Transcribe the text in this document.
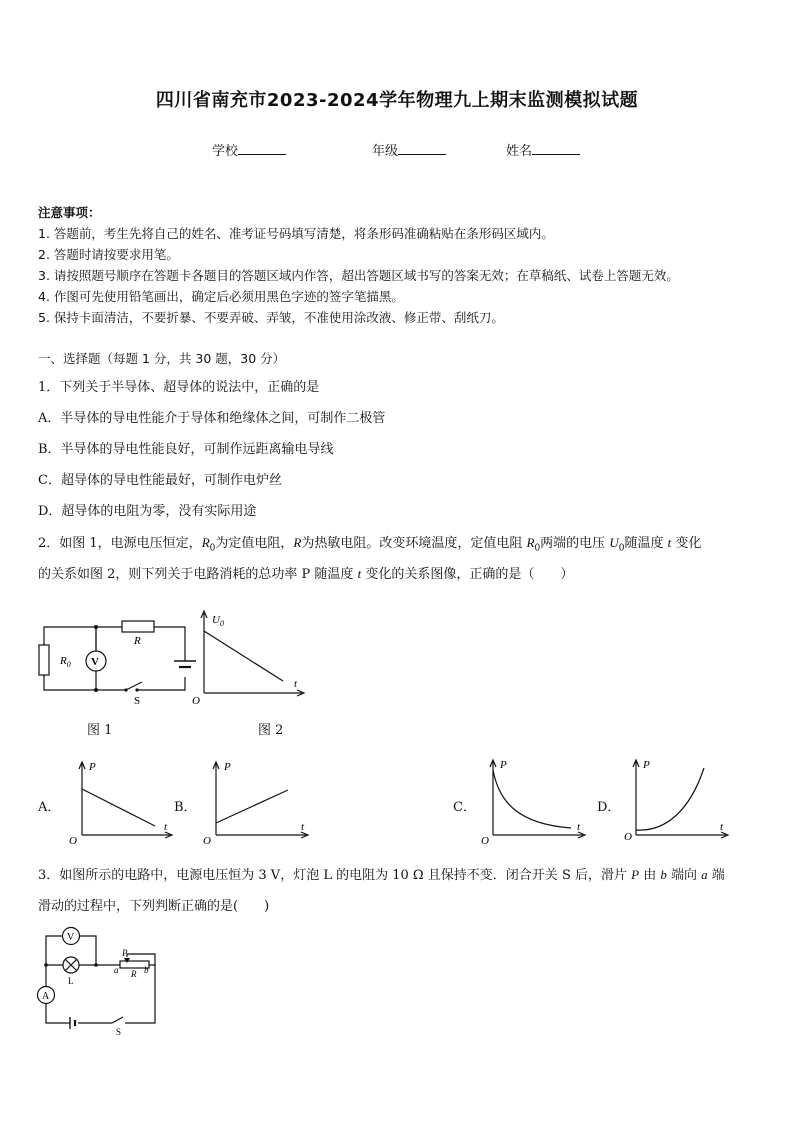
四川省南充市2023-2024学年物理九上期末监测模拟试题
学校	年级	姓名
注意事项：
1. 答题前，考生先将自己的姓名、准考证号码填写清楚，将条形码准确粘贴在条形码区域内。
2. 答题时请按要求用笔。
3. 请按照题号顺序在答题卡各题目的答题区域内作答，超出答题区域书写的答案无效；在草稿纸、试卷上答题无效。
4. 作图可先使用铅笔画出，确定后必须用黑色字迹的签字笔描黑。
5. 保持卡面清洁，不要折暴、不要弄破、弄皱，不准使用涂改液、修正带、刮纸刀。
一、选择题（每题 1 分，共 30 题，30 分）
1．下列关于半导体、超导体的说法中，正确的是
A．半导体的导电性能介于导体和绝缘体之间，可制作二极管
B．半导体的导电性能良好，可制作远距离输电导线
C．超导体的导电性能最好，可制作电炉丝
D．超导体的电阻为零，没有实际用途
2．如图 1，电源电压恒定，$R_0$为定值电阻，R为热敏电阻。改变环境温度，定值电阻 $R_0$两端的电压 $U_0$随温度 t 变化
的关系如图 2，则下列关于电路消耗的总功率 P 随温度 t 变化的关系图像，正确的是（　　）
$R_0$
R
V
S
$U_0$
t
O
图 1	图 2
A．
P
t
O
B．
P
t
O
C．
P
t
O
D．
P
t
O
3．如图所示的电路中，电源电压恒为 3 V，灯泡 L 的电阻为 10 Ω 且保持不变．闭合开关 S 后，滑片 P 由 b 端向 a 端
滑动的过程中，下列判断正确的是(　　)
V
A
L
P
a R b
S
